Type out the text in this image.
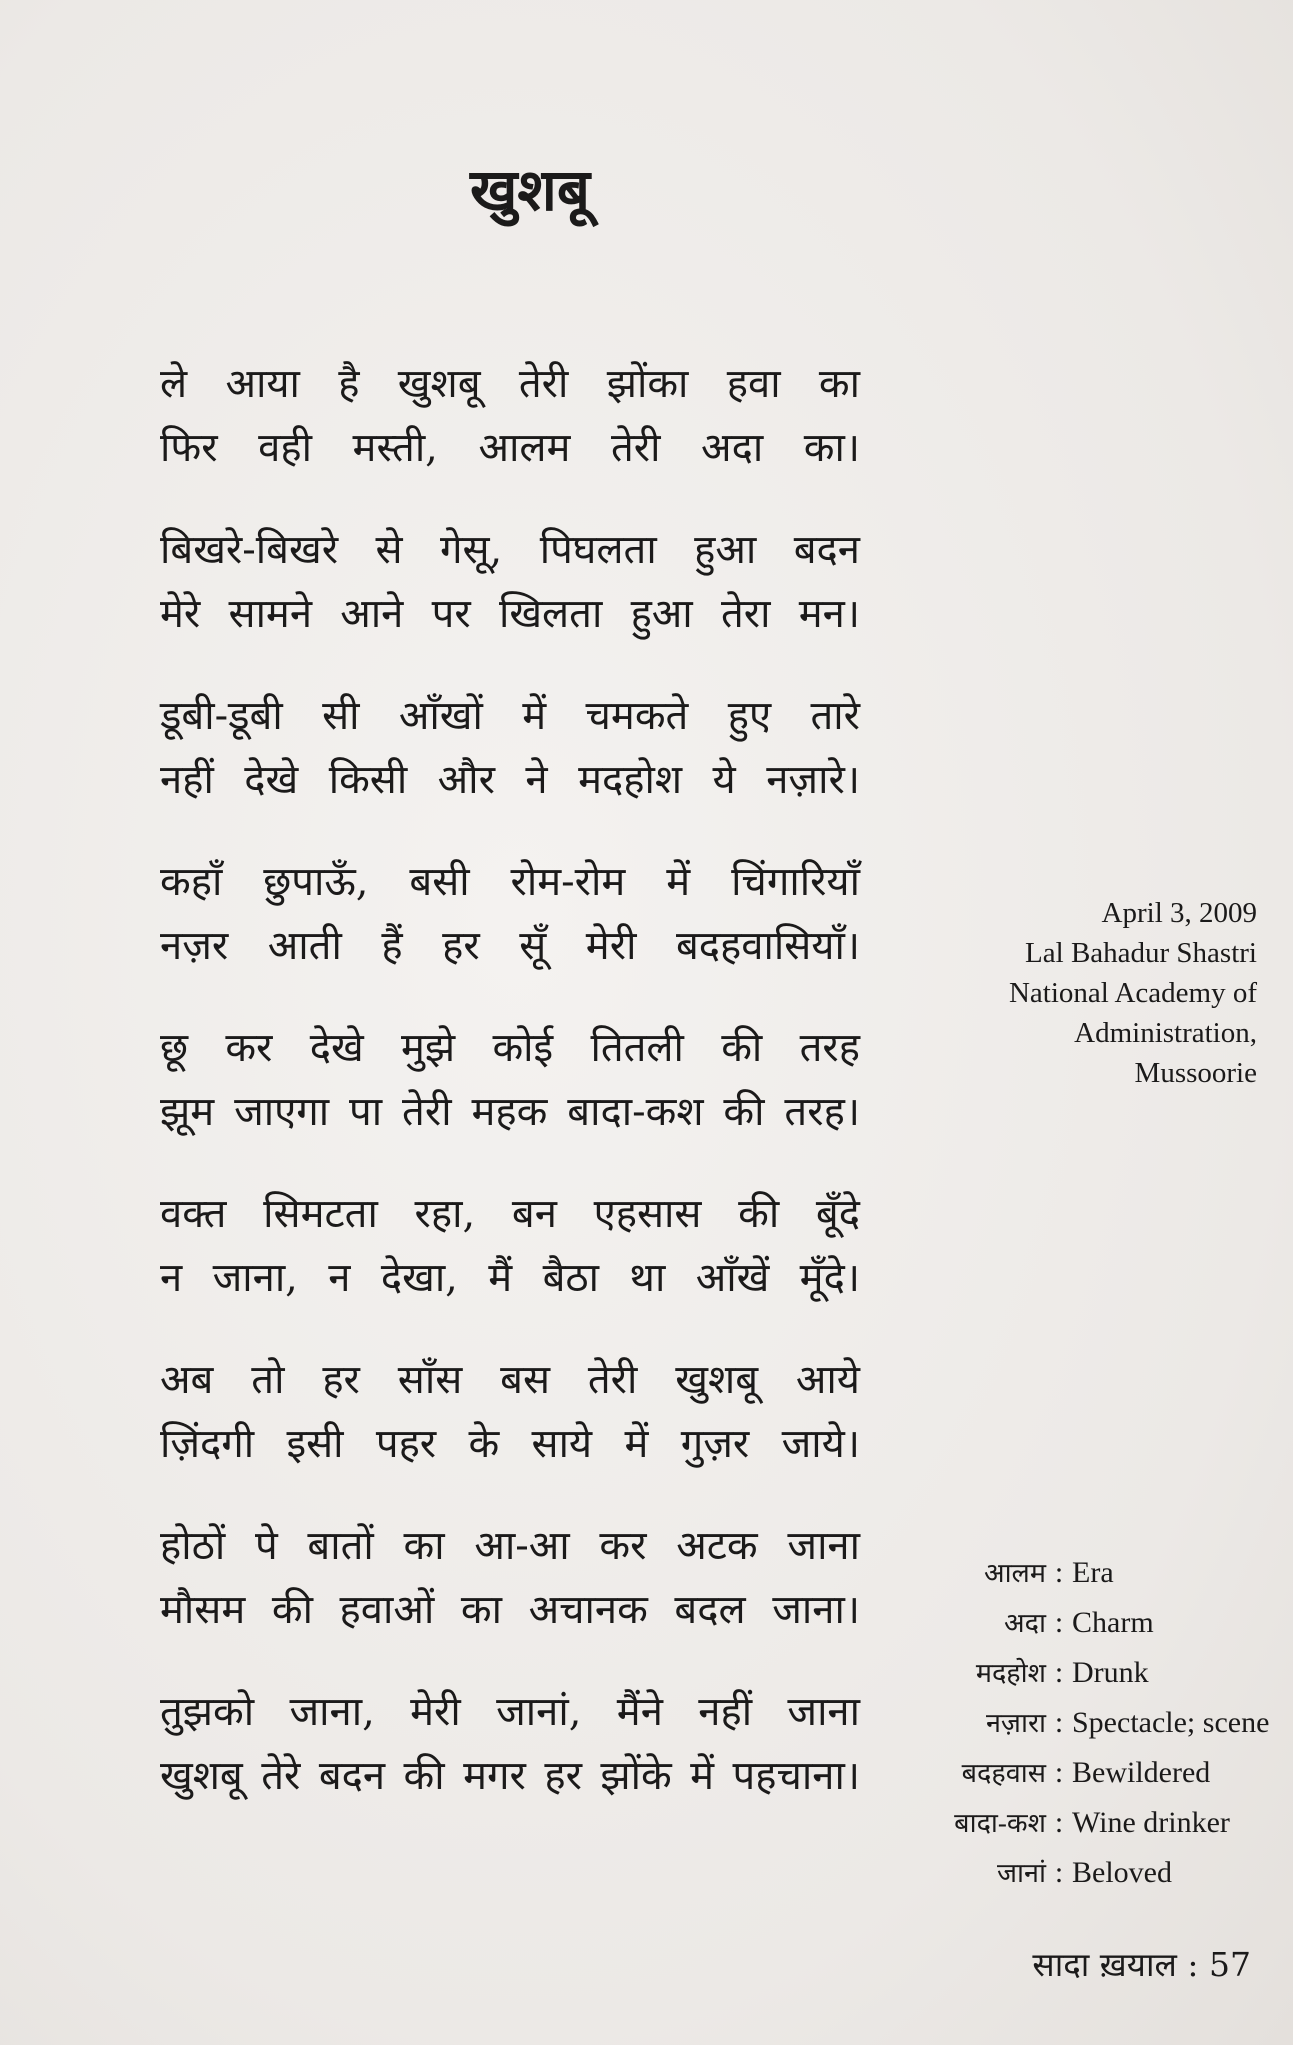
खुशबू
ले आया है खुशबू तेरी झोंका हवा का
फिर वही मस्ती, आलम तेरी अदा का।
बिखरे-बिखरे से गेसू, पिघलता हुआ बदन
मेरे सामने आने पर खिलता हुआ तेरा मन।
डूबी-डूबी सी आँखों में चमकते हुए तारे
नहीं देखे किसी और ने मदहोश ये नज़ारे।
कहाँ छुपाऊँ, बसी रोम-रोम में चिंगारियाँ
नज़र आती हैं हर सूँ मेरी बदहवासियाँ।
छू कर देखे मुझे कोई तितली की तरह
झूम जाएगा पा तेरी महक बादा-कश की तरह।
वक्त सिमटता रहा, बन एहसास की बूँदे
न जाना, न देखा, मैं बैठा था आँखें मूँदे।
अब तो हर साँस बस तेरी खुशबू आये
ज़िंदगी इसी पहर के साये में गुज़र जाये।
होठों पे बातों का आ-आ कर अटक जाना
मौसम की हवाओं का अचानक बदल जाना।
तुझको जाना, मेरी जानां, मैंने नहीं जाना
खुशबू तेरे बदन की मगर हर झोंके में पहचाना।
April 3, 2009
Lal Bahadur Shastri
National Academy of
Administration,
Mussoorie
आलम : Era
अदा : Charm
मदहोश : Drunk
नज़ारा : Spectacle; scene
बदहवास : Bewildered
बादा-कश : Wine drinker
जानां : Beloved
सादा ख़याल : 57
